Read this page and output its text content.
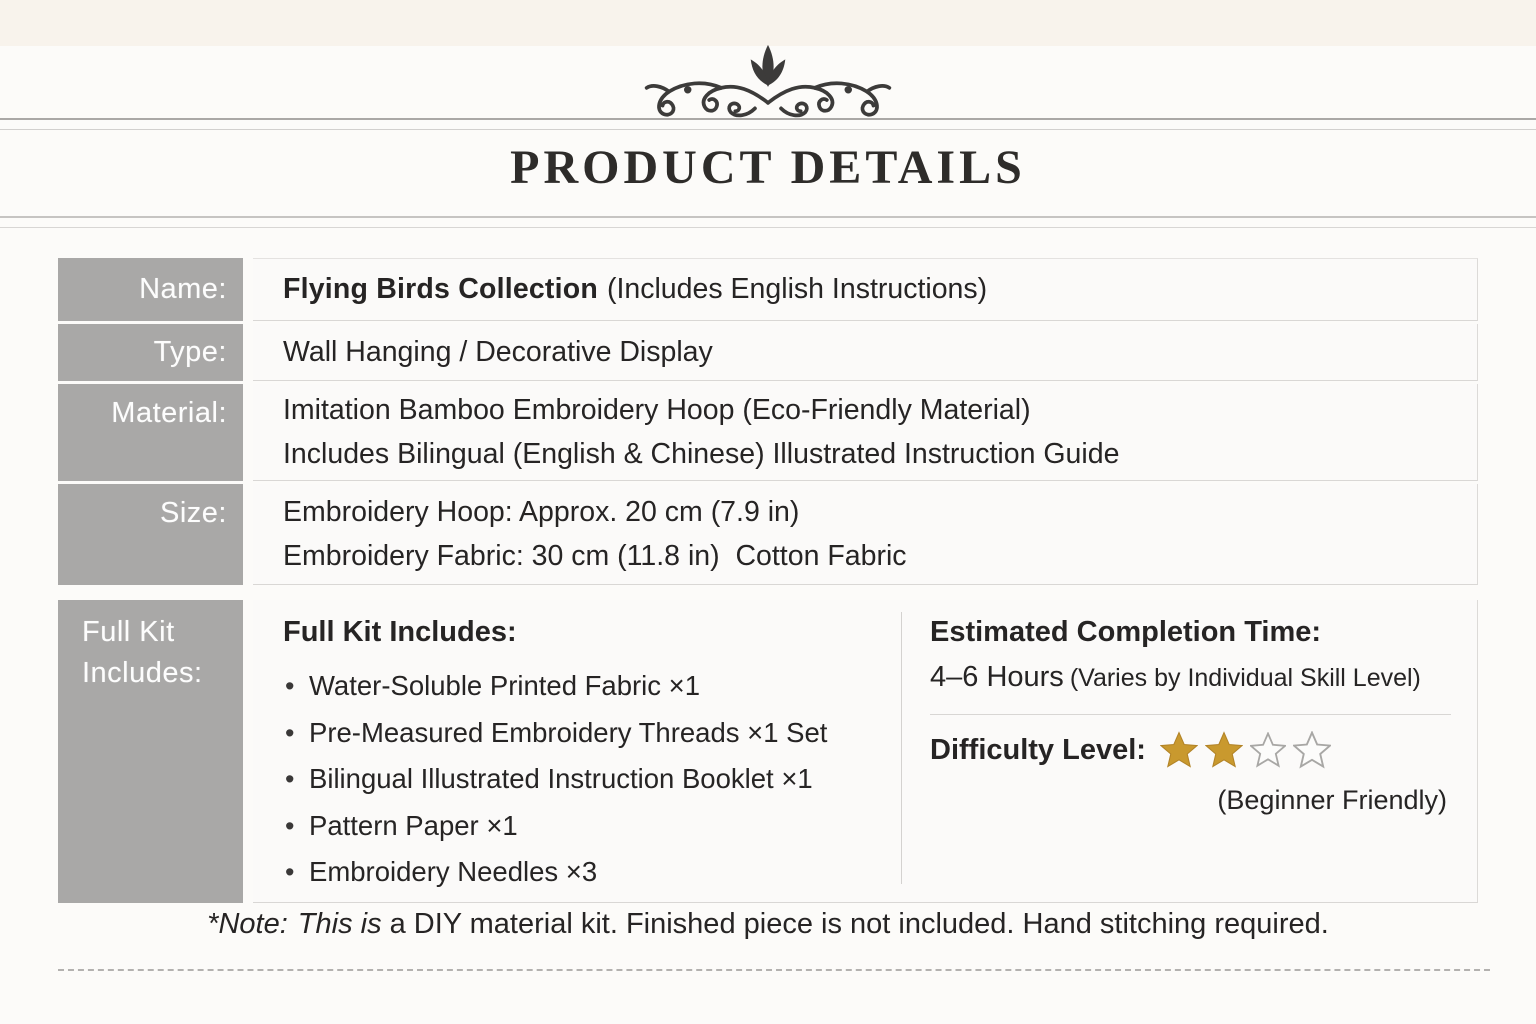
PRODUCT DETAILS
Name:	Flying Birds Collection (Includes English Instructions)
Type:	Wall Hanging / Decorative Display
Material:	Imitation Bamboo Embroidery Hoop (Eco-Friendly Material)
Includes Bilingual (English & Chinese) Illustrated Instruction Guide
Size:	Embroidery Hoop: Approx. 20 cm (7.9 in)
Embroidery Fabric: 30 cm (11.8 in)  Cotton Fabric
Full Kit Includes:
Full Kit Includes:
• Water-Soluble Printed Fabric ×1
• Pre-Measured Embroidery Threads ×1 Set
• Bilingual Illustrated Instruction Booklet ×1
• Pattern Paper ×1
• Embroidery Needles ×3
Estimated Completion Time:
4–6 Hours (Varies by Individual Skill Level)
Difficulty Level:
(Beginner Friendly)
*Note: This is a DIY material kit. Finished piece is not included. Hand stitching required.
